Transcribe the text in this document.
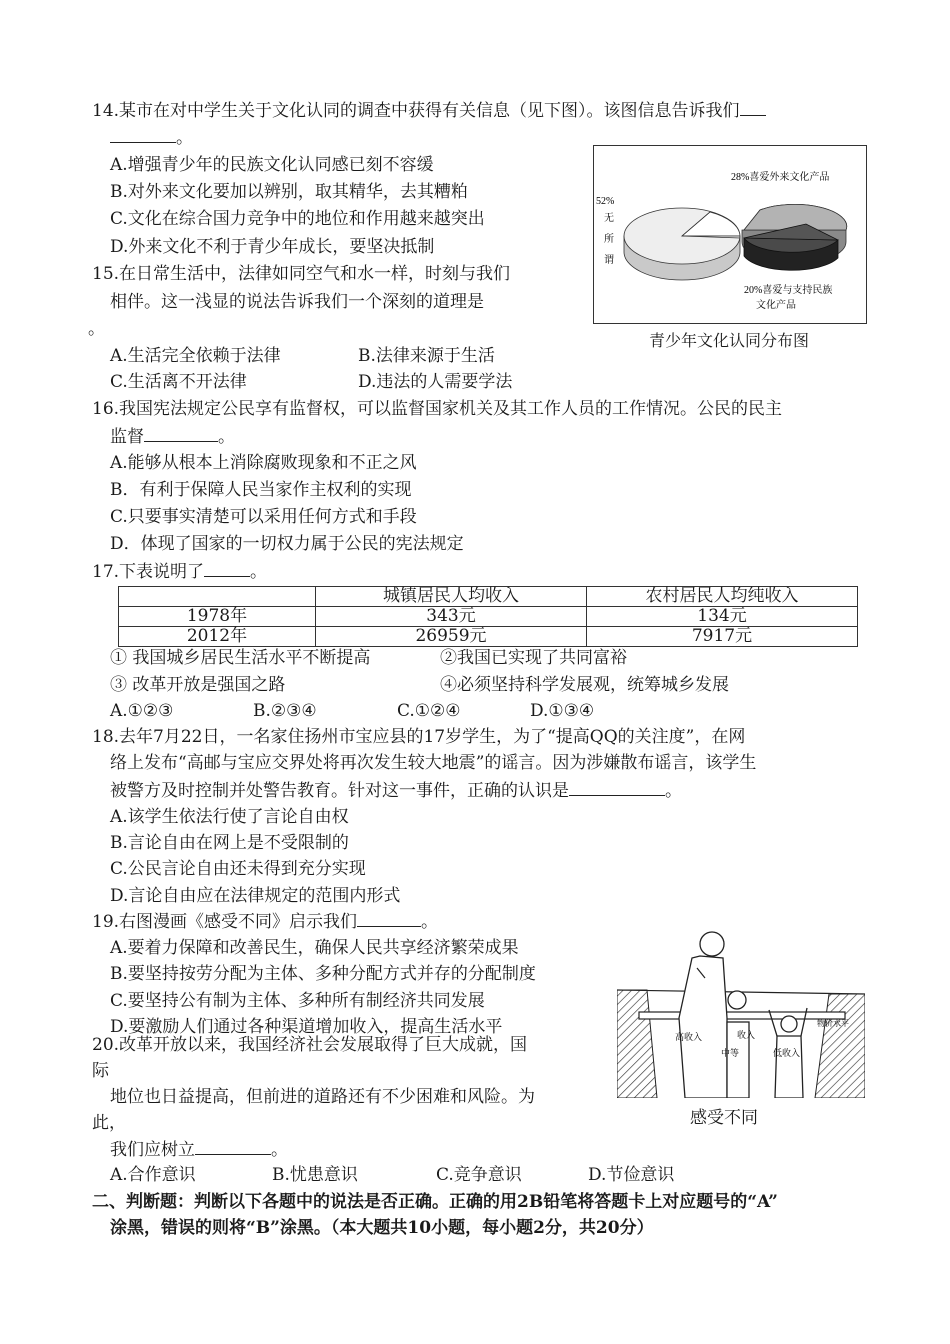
14.某市在对中学生关于文化认同的调查中获得有关信息（见下图）。该图信息告诉我们
。
A.增强青少年的民族文化认同感已刻不容缓
B.对外来文化要加以辨别，取其精华，去其糟粕
C.文化在综合国力竞争中的地位和作用越来越突出
D.外来文化不利于青少年成长，要坚决抵制
52%
无
所
谓
28%喜爱外来文化产品
20%喜爱与支持民族
文化产品
青少年文化认同分布图
15.在日常生活中，法律如同空气和水一样，时刻与我们
相伴。这一浅显的说法告诉我们一个深刻的道理是
。
A.生活完全依赖于法律	B.法律来源于生活
C.生活离不开法律	D.违法的人需要学法
16.我国宪法规定公民享有监督权，可以监督国家机关及其工作人员的工作情况。公民的民主
监督	。
A.能够从根本上消除腐败现象和不正之风
B．有利于保障人民当家作主权利的实现
C.只要事实清楚可以采用任何方式和手段
D．体现了国家的一切权力属于公民的宪法规定
17.下表说明了	。
	城镇居民人均收入	农村居民人均纯收入
1978年	343元	134元
2012年	26959元	7917元
① 我国城乡居民生活水平不断提高	②我国已实现了共同富裕
③ 改革开放是强国之路	④必须坚持科学发展观，统筹城乡发展
A.①②③	B.②③④	C.①②④	D.①③④
18.去年7月22日，一名家住扬州市宝应县的17岁学生，为了“提高QQ的关注度”，在网
络上发布“高邮与宝应交界处将再次发生较大地震”的谣言。因为涉嫌散布谣言，该学生
被警方及时控制并处警告教育。针对这一事件，正确的认识是	。
A.该学生依法行使了言论自由权
B.言论自由在网上是不受限制的
C.公民言论自由还未得到充分实现
D.言论自由应在法律规定的范围内形式
19.右图漫画《感受不同》启示我们	。
A.要着力保障和改善民生，确保人民共享经济繁荣成果
B.要坚持按劳分配为主体、多种分配方式并存的分配制度
C.要坚持公有制为主体、多种所有制经济共同发展
D.要激励人们通过各种渠道增加收入，提高生活水平	物价水平
高收入
中等
收入
低收入
感受不同
20.改革开放以来，我国经济社会发展取得了巨大成就，国
际
地位也日益提高，但前进的道路还有不少困难和风险。为
此，
我们应树立	。
A.合作意识	B.忧患意识	C.竞争意识	D.节俭意识
二、判断题：判断以下各题中的说法是否正确。正确的用2B铅笔将答题卡上对应题号的“A”
涂黑，错误的则将“B”涂黑。（本大题共10小题，每小题2分，共20分）
